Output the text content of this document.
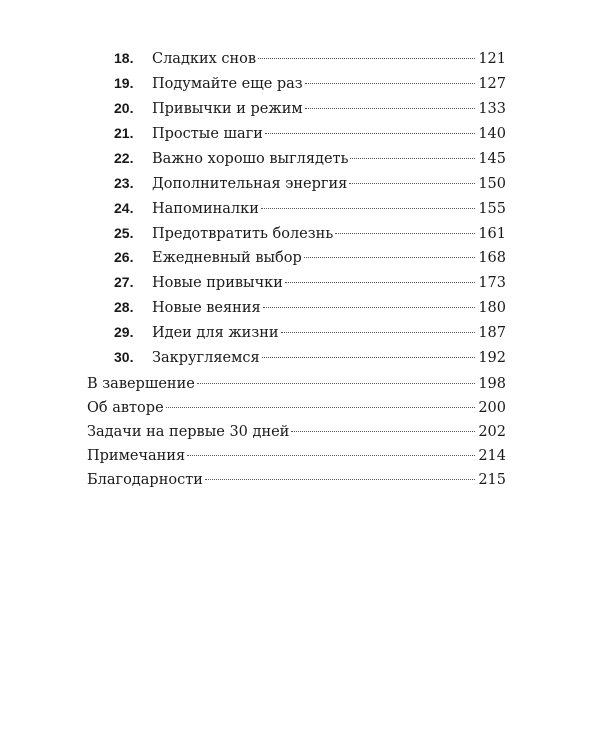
18.	Сладких снов	121
19.	Подумайте еще раз	127
20.	Привычки и режим	133
21.	Простые шаги	140
22.	Важно хорошо выглядеть	145
23.	Дополнительная энергия	150
24.	Напоминалки	155
25.	Предотвратить болезнь	161
26.	Ежедневный выбор	168
27.	Новые привычки	173
28.	Новые веяния	180
29.	Идеи для жизни	187
30.	Закругляемся	192
В завершение	198
Об авторе	200
Задачи на первые 30 дней	202
Примечания	214
Благодарности	215
